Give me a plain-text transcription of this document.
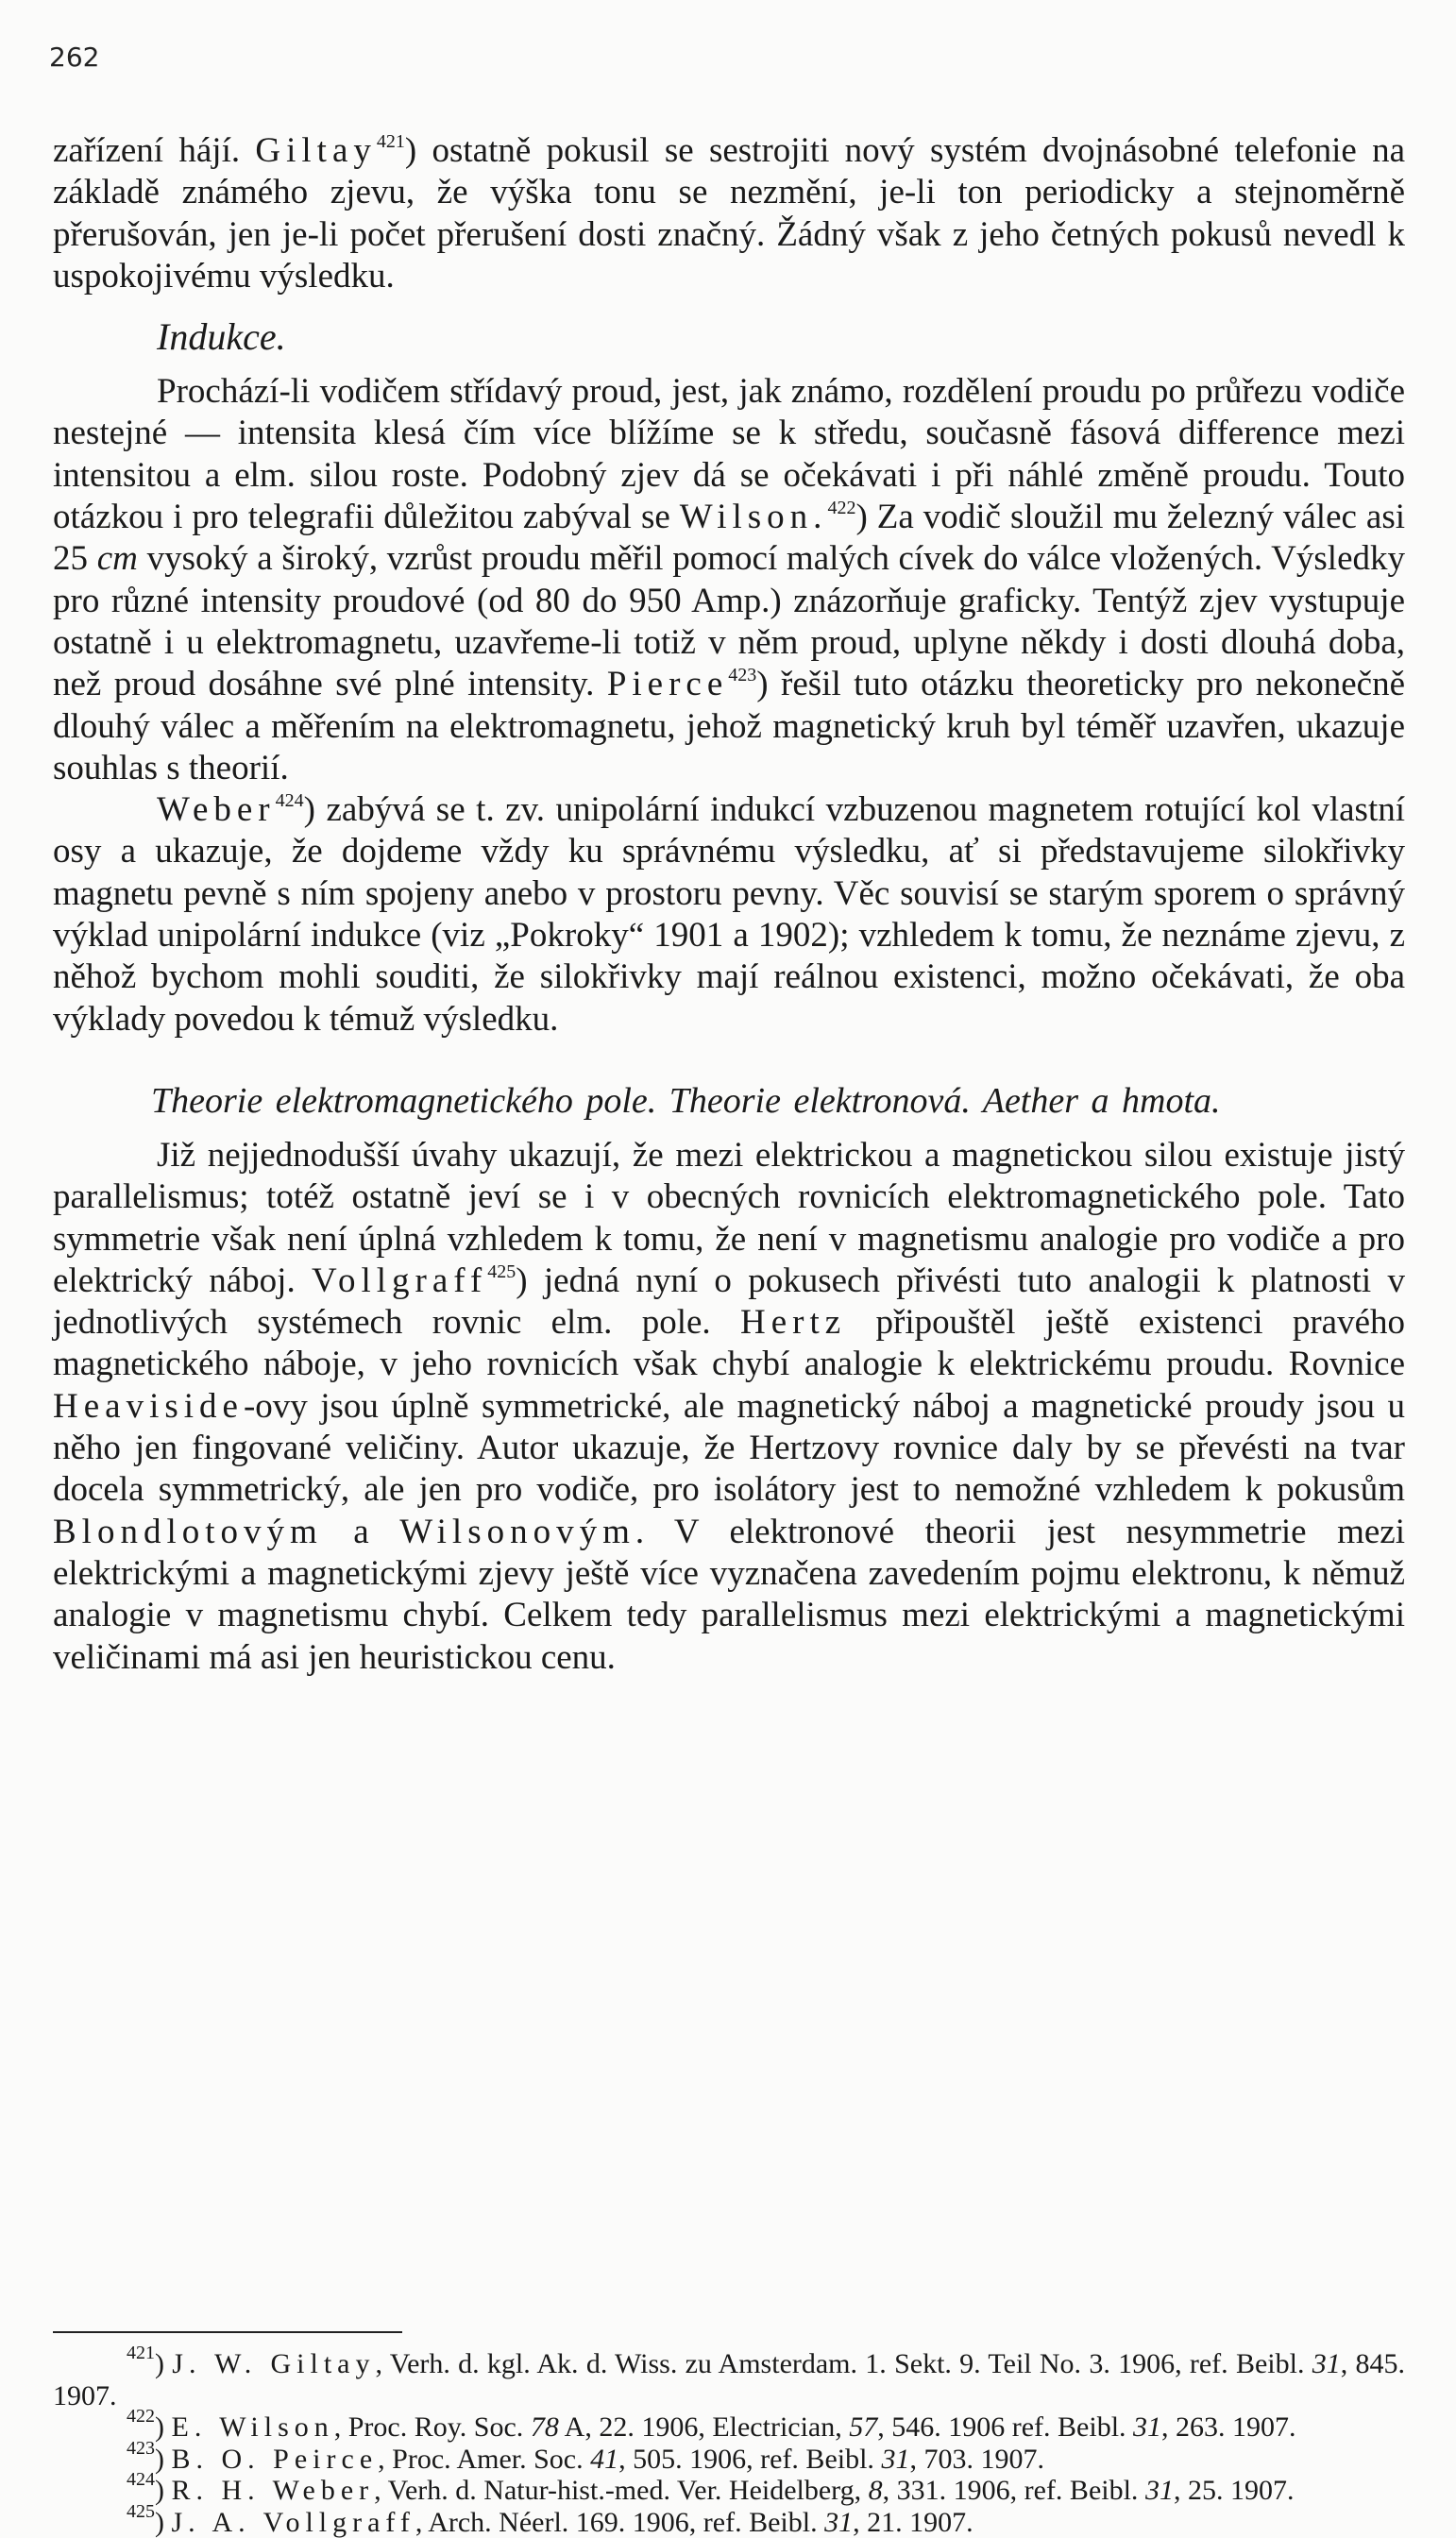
262

zařízení hájí. Giltay$^{421}$) ostatně pokusil se sestrojiti nový systém dvojnásobné telefonie na základě známého zjevu, že výška tonu se nezmění, je-li ton periodicky a stejnoměrně přerušován, jen je-li počet přerušení dosti značný. Žádný však z jeho četných pokusů nevedl k uspokojivému výsledku.

Indukce.

Prochází-li vodičem střídavý proud, jest, jak známo, rozdělení proudu po průřezu vodiče nestejné — intensita klesá čím více blížíme se k středu, současně fásová difference mezi intensitou a elm. silou roste. Podobný zjev dá se očekávati i při náhlé změně proudu. Touto otázkou i pro telegrafii důležitou zabýval se Wilson.$^{422}$) Za vodič sloužil mu železný válec asi 25 cm vysoký a široký, vzrůst proudu měřil pomocí malých cívek do válce vložených. Výsledky pro různé intensity proudové (od 80 do 950 Amp.) znázorňuje graficky. Tentýž zjev vystupuje ostatně i u elektromagnetu, uzavřeme-li totiž v něm proud, uplyne někdy i dosti dlouhá doba, než proud dosáhne své plné intensity. Pierce$^{423}$) řešil tuto otázku theoreticky pro nekonečně dlouhý válec a měřením na elektromagnetu, jehož magnetický kruh byl téměř uzavřen, ukazuje souhlas s theorií.

Weber$^{424}$) zabývá se t. zv. unipolární indukcí vzbuzenou magnetem rotující kol vlastní osy a ukazuje, že dojdeme vždy ku správnému výsledku, ať si představujeme silokřivky magnetu pevně s ním spojeny anebo v prostoru pevny. Věc souvisí se starým sporem o správný výklad unipolární indukce (viz „Pokroky“ 1901 a 1902); vzhledem k tomu, že neznáme zjevu, z něhož bychom mohli souditi, že silokřivky mají reálnou existenci, možno očekávati, že oba výklady povedou k témuž výsledku.

Theorie elektromagnetického pole. Theorie elektronová. Aether a hmota.

Již nejjednodušší úvahy ukazují, že mezi elektrickou a magnetickou silou existuje jistý parallelismus; totéž ostatně jeví se i v obecných rovnicích elektromagnetického pole. Tato symmetrie však není úplná vzhledem k tomu, že není v magnetismu analogie pro vodiče a pro elektrický náboj. Vollgraff$^{425}$) jedná nyní o pokusech přivésti tuto analogii k platnosti v jednotlivých systémech rovnic elm. pole. Hertz připouštěl ještě existenci pravého magnetického náboje, v jeho rovnicích však chybí analogie k elektrickému proudu. Rovnice Heaviside-ovy jsou úplně symmetrické, ale magnetický náboj a magnetické proudy jsou u něho jen fingované veličiny. Autor ukazuje, že Hertzovy rovnice daly by se převésti na tvar docela symmetrický, ale jen pro vodiče, pro isolátory jest to nemožné vzhledem k pokusům Blondlotovým a Wilsonovým. V elektronové theorii jest nesymmetrie mezi elektrickými a magnetickými zjevy ještě více vyznačena zavedením pojmu elektronu, k němuž analogie v magnetismu chybí. Celkem tedy parallelismus mezi elektrickými a magnetickými veličinami má asi jen heuristickou cenu.

$^{421}$) J. W. Giltay, Verh. d. kgl. Ak. d. Wiss. zu Amsterdam. 1. Sekt. 9. Teil No. 3. 1906, ref. Beibl. 31, 845. 1907.

$^{422}$) E. Wilson, Proc. Roy. Soc. 78 A, 22. 1906, Electrician, 57, 546. 1906 ref. Beibl. 31, 263. 1907.

$^{423}$) B. O. Peirce, Proc. Amer. Soc. 41, 505. 1906, ref. Beibl. 31, 703. 1907.

$^{424}$) R. H. Weber, Verh. d. Natur-hist.-med. Ver. Heidelberg, 8, 331. 1906, ref. Beibl. 31, 25. 1907.

$^{425}$) J. A. Vollgraff, Arch. Néerl. 169. 1906, ref. Beibl. 31, 21. 1907.
